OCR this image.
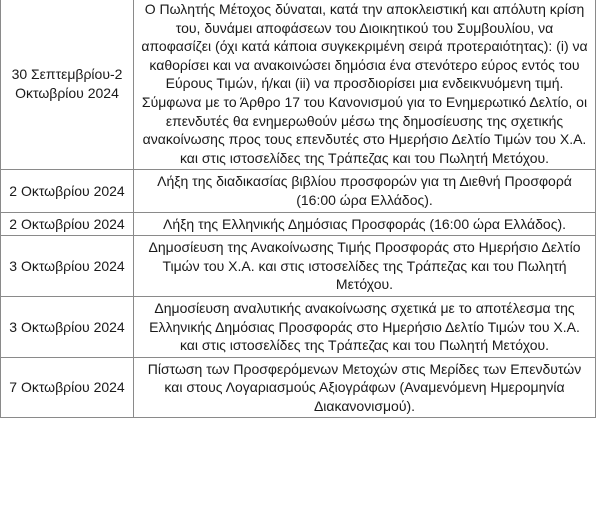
30 Σεπτεμβρίου-2 Οκτωβρίου 2024	Ο Πωλητής Μέτοχος δύναται, κατά την αποκλειστική και απόλυτη κρίση του, δυνάμει αποφάσεων του Διοικητικού του Συμβουλίου, να αποφασίζει (όχι κατά κάποια συγκεκριμένη σειρά προτεραιότητας): (i) να καθορίσει και να ανακοινώσει δημόσια ένα στενότερο εύρος εντός του Εύρους Τιμών, ή/και (ii) να προσδιορίσει μια ενδεικνυόμενη τιμή. Σύμφωνα με το Άρθρο 17 του Κανονισμού για το Ενημερωτικό Δελτίο, οι επενδυτές θα ενημερωθούν μέσω της δημοσίευσης της σχετικής ανακοίνωσης προς τους επενδυτές στο Ημερήσιο Δελτίο Τιμών του Χ.Α. και στις ιστοσελίδες της Τράπεζας και του Πωλητή Μετόχου.

2 Οκτωβρίου 2024	Λήξη της διαδικασίας βιβλίου προσφορών για τη Διεθνή Προσφορά (16:00 ώρα Ελλάδος).

2 Οκτωβρίου 2024	Λήξη της Ελληνικής Δημόσιας Προσφοράς (16:00 ώρα Ελλάδος).

3 Οκτωβρίου 2024	Δημοσίευση της Ανακοίνωσης Τιμής Προσφοράς στο Ημερήσιο Δελτίο Τιμών του Χ.Α. και στις ιστοσελίδες της Τράπεζας και του Πωλητή Μετόχου.

3 Οκτωβρίου 2024	Δημοσίευση αναλυτικής ανακοίνωσης σχετικά με το αποτέλεσμα της Ελληνικής Δημόσιας Προσφοράς στο Ημερήσιο Δελτίο Τιμών του Χ.Α. και στις ιστοσελίδες της Τράπεζας και του Πωλητή Μετόχου.

7 Οκτωβρίου 2024	Πίστωση των Προσφερόμενων Μετοχών στις Μερίδες των Επενδυτών και στους Λογαριασμούς Αξιογράφων (Αναμενόμενη Ημερομηνία Διακανονισμού).
